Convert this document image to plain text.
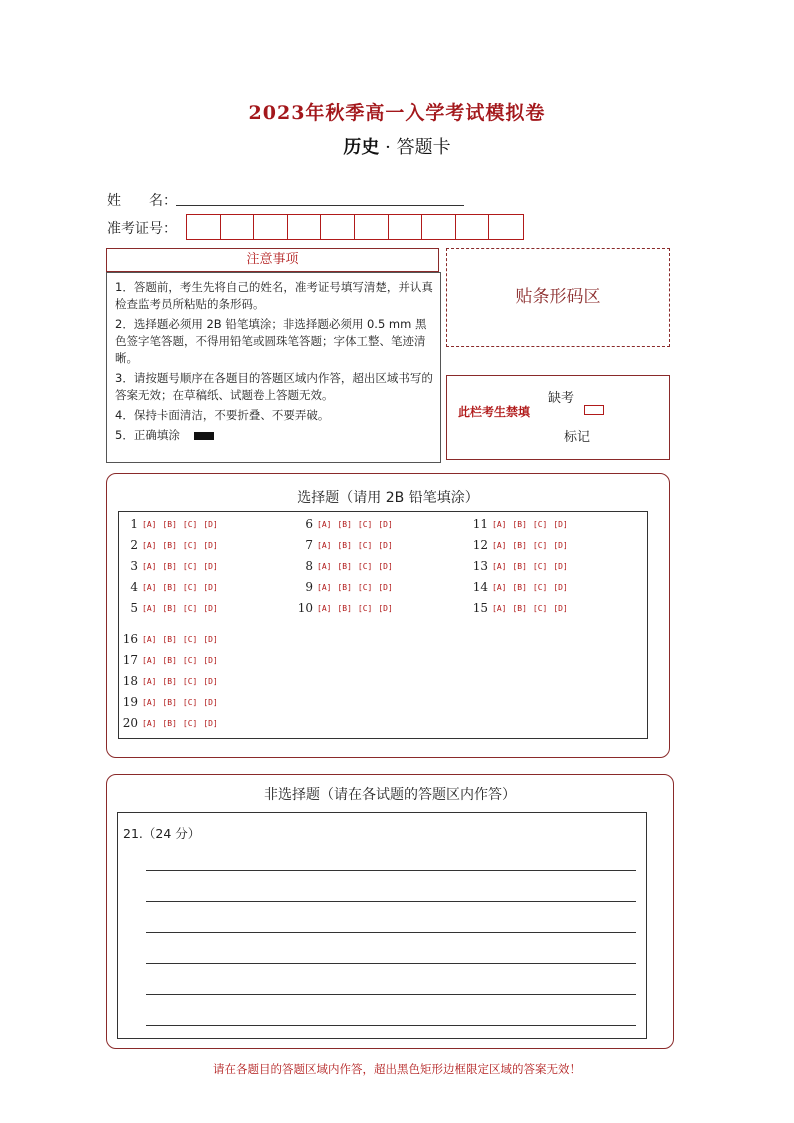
2023年秋季高一入学考试模拟卷
历史 · 答题卡
姓　　名：
准考证号：
注意事项
1．答题前，考生先将自己的姓名，准考证号填写清楚，并认真检查监考员所粘贴的条形码。
2．选择题必须用 2B 铅笔填涂；非选择题必须用 0.5 mm 黑色签字笔答题，不得用铅笔或圆珠笔答题；字体工整、笔迹清晰。
3．请按题号顺序在各题目的答题区域内作答，超出区域书写的答案无效；在草稿纸、试题卷上答题无效。
4．保持卡面清洁，不要折叠、不要弄破。
5．正确填涂
贴条形码区
此栏考生禁填
缺考
标记
选择题（请用 2B 铅笔填涂）
非选择题（请在各试题的答题区内作答）
21.（24 分）
请在各题目的答题区域内作答，超出黑色矩形边框限定区域的答案无效！
1 [A] [B] [C] [D]
2 [A] [B] [C] [D]
3 [A] [B] [C] [D]
4 [A] [B] [C] [D]
5 [A] [B] [C] [D]
6 [A] [B] [C] [D]
7 [A] [B] [C] [D]
8 [A] [B] [C] [D]
9 [A] [B] [C] [D]
10 [A] [B] [C] [D]
11 [A] [B] [C] [D]
12 [A] [B] [C] [D]
13 [A] [B] [C] [D]
14 [A] [B] [C] [D]
15 [A] [B] [C] [D]
16 [A] [B] [C] [D]
17 [A] [B] [C] [D]
18 [A] [B] [C] [D]
19 [A] [B] [C] [D]
20 [A] [B] [C] [D]
